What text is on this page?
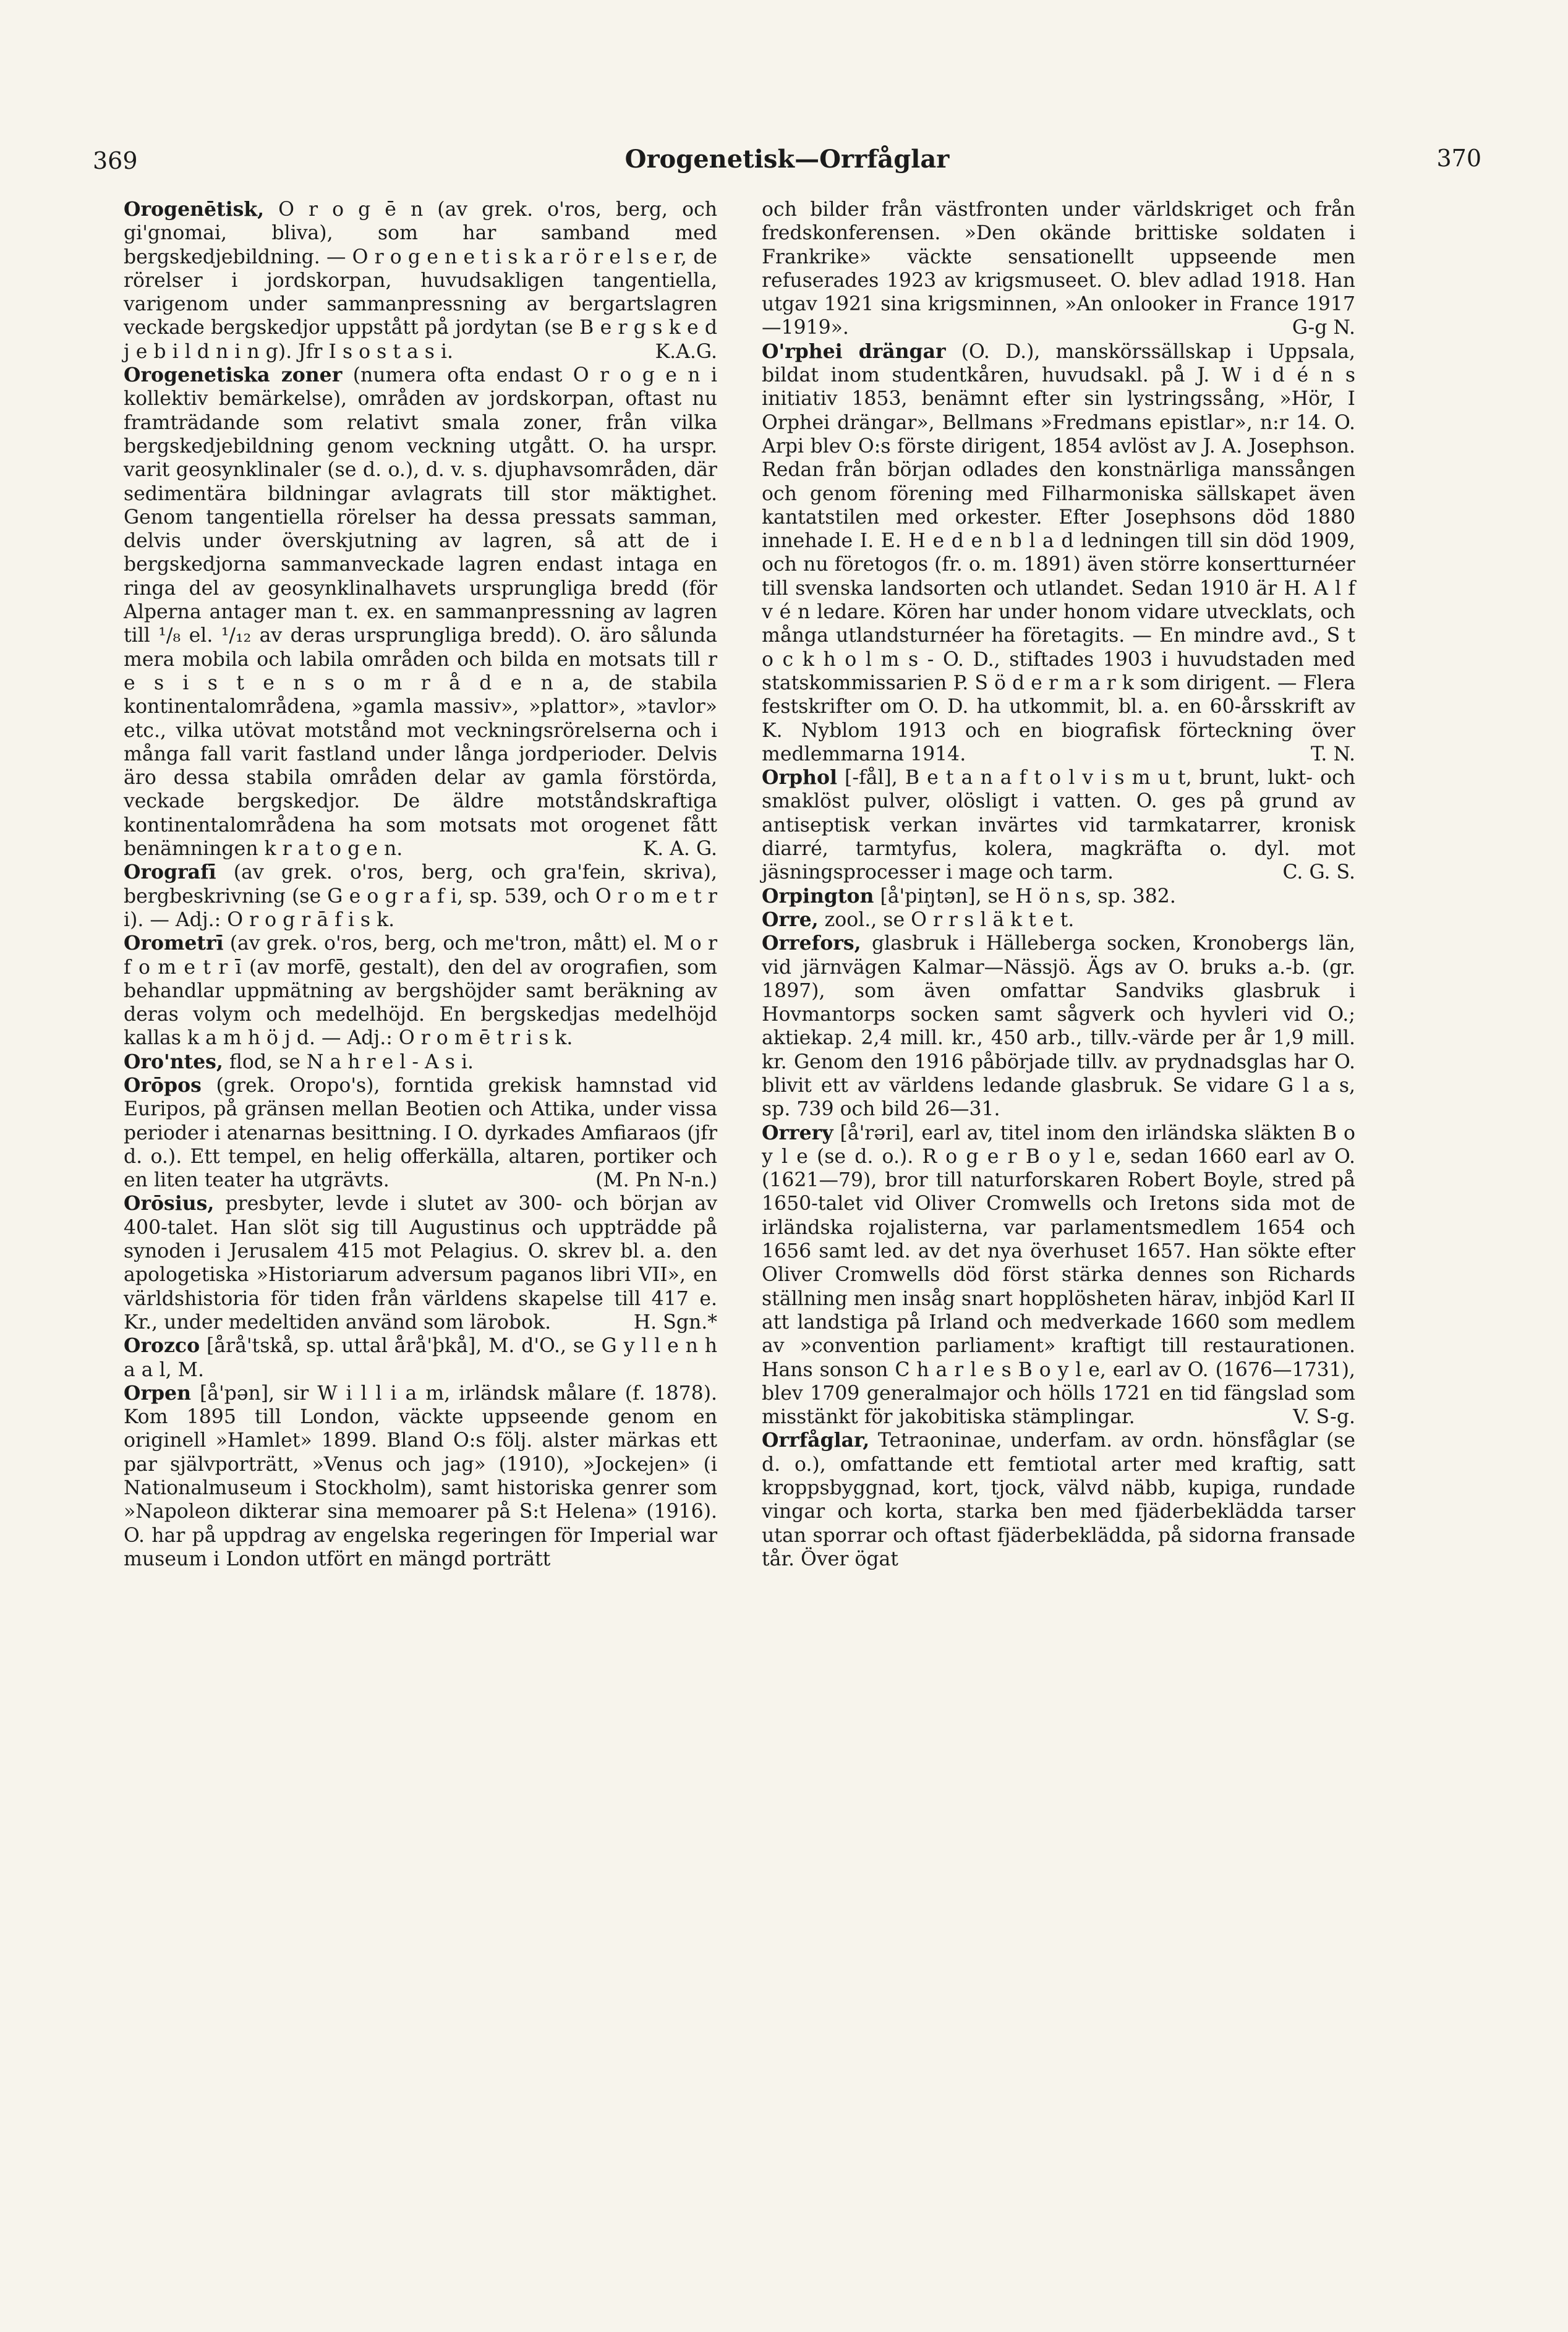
369	Orogenetisk—Orrfåglar	370

Orogenētisk, O r o g ē n (av grek. o'ros, berg, och gi'gnomai, bliva), som har samband med bergskedjebildning. — O r o g e n e t i s k a r ö r e l s e r, de rörelser i jordskorpan, huvudsakligen tangentiella, varigenom under sammanpressning av bergartslagren veckade bergskedjor uppstått på jordytan (se B e r g s k e d j e b i l d n i n g). Jfr I s o s t a s i.	K.A.G.

Orogenetiska zoner (numera ofta endast O r o g e n i kollektiv bemärkelse), områden av jordskorpan, oftast nu framträdande som relativt smala zoner, från vilka bergskedjebildning genom veckning utgått. O. ha urspr. varit geosynklinaler (se d. o.), d. v. s. djuphavsområden, där sedimentära bildningar avlagrats till stor mäktighet. Genom tangentiella rörelser ha dessa pressats samman, delvis under överskjutning av lagren, så att de i bergskedjorna sammanveckade lagren endast intaga en ringa del av geosynklinalhavets ursprungliga bredd (för Alperna antager man t. ex. en sammanpressning av lagren till ¹/₈ el. ¹/₁₂ av deras ursprungliga bredd). O. äro sålunda mera mobila och labila områden och bilda en motsats till r e s i s t e n s o m r å d e n a, de stabila kontinentalområdena, »gamla massiv», »plattor», »tavlor» etc., vilka utövat motstånd mot veckningsrörelserna och i många fall varit fastland under långa jordperioder. Delvis äro dessa stabila områden delar av gamla förstörda, veckade bergskedjor. De äldre motståndskraftiga kontinentalområdena ha som motsats mot orogenet fått benämningen k r a t o g e n.	K. A. G.

Orografī (av grek. o'ros, berg, och gra'fein, skriva), bergbeskrivning (se G e o g r a f i, sp. 539, och O r o m e t r i). — Adj.: O r o g r ā f i s k.

Orometrī (av grek. o'ros, berg, och me'tron, mått) el. M o r f o m e t r ī (av morfē, gestalt), den del av orografien, som behandlar uppmätning av bergshöjder samt beräkning av deras volym och medelhöjd. En bergskedjas medelhöjd kallas k a m h ö j d. — Adj.: O r o m ē t r i s k.

Oro'ntes, flod, se N a h r e l - A s i.

Orōpos (grek. Oropo's), forntida grekisk hamnstad vid Euripos, på gränsen mellan Beotien och Attika, under vissa perioder i atenarnas besittning. I O. dyrkades Amfiaraos (jfr d. o.). Ett tempel, en helig offerkälla, altaren, portiker och en liten teater ha utgrävts.	(M. Pn N-n.)

Orōsius, presbyter, levde i slutet av 300- och början av 400-talet. Han slöt sig till Augustinus och uppträdde på synoden i Jerusalem 415 mot Pelagius. O. skrev bl. a. den apologetiska »Historiarum adversum paganos libri VII», en världshistoria för tiden från världens skapelse till 417 e. Kr., under medeltiden använd som lärobok.	H. Sgn.*

Orozco [årå'tskå, sp. uttal årå'þkå], M. d'O., se G y l l e n h a a l, M.

Orpen [å'pən], sir W i l l i a m, irländsk målare (f. 1878). Kom 1895 till London, väckte uppseende genom en originell »Hamlet» 1899. Bland O:s följ. alster märkas ett par självporträtt, »Venus och jag» (1910), »Jockejen» (i Nationalmuseum i Stockholm), samt historiska genrer som »Napoleon dikterar sina memoarer på S:t Helena» (1916). O. har på uppdrag av engelska regeringen för Imperial war museum i London utfört en mängd porträtt

och bilder från västfronten under världskriget och från fredskonferensen. »Den okände brittiske soldaten i Frankrike» väckte sensationellt uppseende men refuserades 1923 av krigsmuseet. O. blev adlad 1918. Han utgav 1921 sina krigsminnen, »An onlooker in France 1917—1919».	G-g N.

O'rphei drängar (O. D.), manskörssällskap i Uppsala, bildat inom studentkåren, huvudsakl. på J. W i d é n s initiativ 1853, benämnt efter sin lystringssång, »Hör, I Orphei drängar», Bellmans »Fredmans epistlar», n:r 14. O. Arpi blev O:s förste dirigent, 1854 avlöst av J. A. Josephson. Redan från början odlades den konstnärliga manssången och genom förening med Filharmoniska sällskapet även kantatstilen med orkester. Efter Josephsons död 1880 innehade I. E. H e d e n b l a d ledningen till sin död 1909, och nu företogos (fr. o. m. 1891) även större konsertturnéer till svenska landsorten och utlandet. Sedan 1910 är H. A l f v é n ledare. Kören har under honom vidare utvecklats, och många utlandsturnéer ha företagits. — En mindre avd., S t o c k h o l m s - O. D., stiftades 1903 i huvudstaden med statskommissarien P. S ö d e r m a r k som dirigent. — Flera festskrifter om O. D. ha utkommit, bl. a. en 60-årsskrift av K. Nyblom 1913 och en biografisk förteckning över medlemmarna 1914.	T. N.

Orphol [-fål], B e t a n a f t o l v i s m u t, brunt, lukt- och smaklöst pulver, olösligt i vatten. O. ges på grund av antiseptisk verkan invärtes vid tarmkatarrer, kronisk diarré, tarmtyfus, kolera, magkräfta o. dyl. mot jäsningsprocesser i mage och tarm.	C. G. S.

Orpington [å'piŋtən], se H ö n s, sp. 382.

Orre, zool., se O r r s l ä k t e t.

Orrefors, glasbruk i Hälleberga socken, Kronobergs län, vid järnvägen Kalmar—Nässjö. Ägs av O. bruks a.-b. (gr. 1897), som även omfattar Sandviks glasbruk i Hovmantorps socken samt sågverk och hyvleri vid O.; aktiekap. 2,4 mill. kr., 450 arb., tillv.-värde per år 1,9 mill. kr. Genom den 1916 påbörjade tillv. av prydnadsglas har O. blivit ett av världens ledande glasbruk. Se vidare G l a s, sp. 739 och bild 26—31.

Orrery [å'rəri], earl av, titel inom den irländska släkten B o y l e (se d. o.). R o g e r B o y l e, sedan 1660 earl av O. (1621—79), bror till naturforskaren Robert Boyle, stred på 1650-talet vid Oliver Cromwells och Iretons sida mot de irländska rojalisterna, var parlamentsmedlem 1654 och 1656 samt led. av det nya överhuset 1657. Han sökte efter Oliver Cromwells död först stärka dennes son Richards ställning men insåg snart hopplösheten härav, inbjöd Karl II att landstiga på Irland och medverkade 1660 som medlem av »convention parliament» kraftigt till restaurationen. Hans sonson C h a r l e s B o y l e, earl av O. (1676—1731), blev 1709 generalmajor och hölls 1721 en tid fängslad som misstänkt för jakobitiska stämplingar.	V. S-g.

Orrfåglar, Tetraoninae, underfam. av ordn. hönsfåglar (se d. o.), omfattande ett femtiotal arter med kraftig, satt kroppsbyggnad, kort, tjock, välvd näbb, kupiga, rundade vingar och korta, starka ben med fjäderbeklädda tarser utan sporrar och oftast fjäderbeklädda, på sidorna fransade tår. Över ögat
